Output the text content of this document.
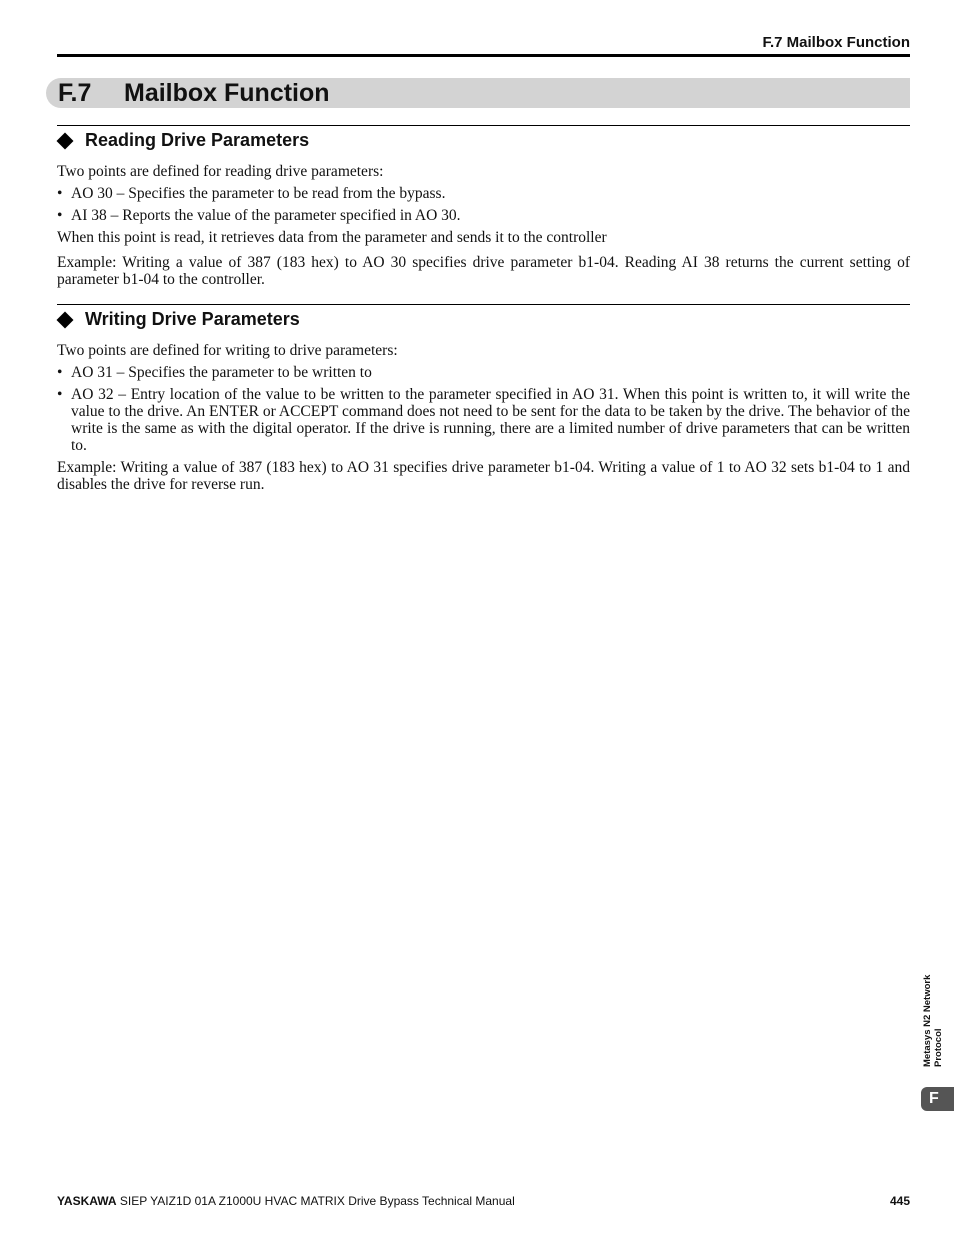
F.7 Mailbox Function
F.7 Mailbox Function
Reading Drive Parameters
Two points are defined for reading drive parameters:
• AO 30 – Specifies the parameter to be read from the bypass.
• AI 38 – Reports the value of the parameter specified in AO 30.
When this point is read, it retrieves data from the parameter and sends it to the controller
Example: Writing a value of 387 (183 hex) to AO 30 specifies drive parameter b1-04. Reading AI 38 returns the current setting of parameter b1-04 to the controller.
Writing Drive Parameters
Two points are defined for writing to drive parameters:
• AO 31 – Specifies the parameter to be written to
• AO 32 – Entry location of the value to be written to the parameter specified in AO 31. When this point is written to, it will write the value to the drive. An ENTER or ACCEPT command does not need to be sent for the data to be taken by the drive. The behavior of the write is the same as with the digital operator. If the drive is running, there are a limited number of drive parameters that can be written to.
Example: Writing a value of 387 (183 hex) to AO 31 specifies drive parameter b1-04. Writing a value of 1 to AO 32 sets b1-04 to 1 and disables the drive for reverse run.
Metasys N2 Network Protocol
F
YASKAWA SIEP YAIZ1D 01A Z1000U HVAC MATRIX Drive Bypass Technical Manual	445
